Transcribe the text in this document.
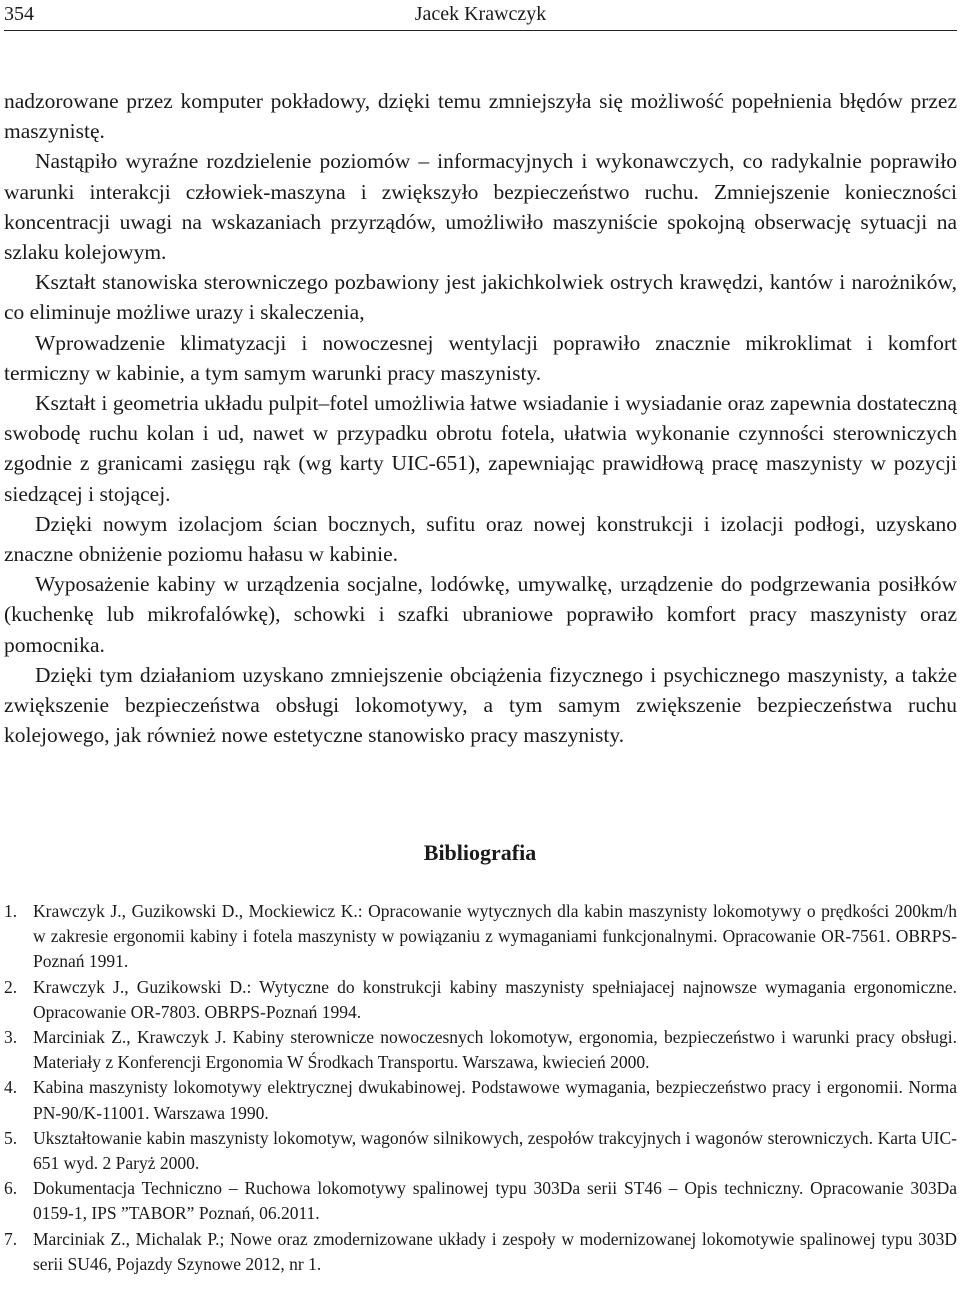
354	Jacek Krawczyk

nadzorowane przez komputer pokładowy, dzięki temu zmniejszyła się możliwość popełnienia błędów przez maszynistę.

Nastąpiło wyraźne rozdzielenie poziomów – informacyjnych i wykonawczych, co radykalnie poprawiło warunki interakcji człowiek-maszyna i zwiększyło bezpieczeństwo ruchu. Zmniejszenie konieczności koncentracji uwagi na wskazaniach przyrządów, umożliwiło maszyniście spokojną obserwację sytuacji na szlaku kolejowym.

Kształt stanowiska sterowniczego pozbawiony jest jakichkolwiek ostrych krawędzi, kantów i narożników, co eliminuje możliwe urazy i skaleczenia,

Wprowadzenie klimatyzacji i nowoczesnej wentylacji poprawiło znacznie mikroklimat i komfort termiczny w kabinie, a tym samym warunki pracy maszynisty.

Kształt i geometria układu pulpit–fotel umożliwia łatwe wsiadanie i wysiadanie oraz zapewnia dostateczną swobodę ruchu kolan i ud, nawet w przypadku obrotu fotela, ułatwia wykonanie czynności sterowniczych zgodnie z granicami zasięgu rąk (wg karty UIC-651), zapewniając prawidłową pracę maszynisty w pozycji siedzącej i stojącej.

Dzięki nowym izolacjom ścian bocznych, sufitu oraz nowej konstrukcji i izolacji podłogi, uzyskano znaczne obniżenie poziomu hałasu w kabinie.

Wyposażenie kabiny w urządzenia socjalne, lodówkę, umywalkę, urządzenie do podgrzewania posiłków (kuchenkę lub mikrofalówkę), schowki i szafki ubraniowe poprawiło komfort pracy maszynisty oraz pomocnika.

Dzięki tym działaniom uzyskano zmniejszenie obciążenia fizycznego i psychicznego maszynisty, a także zwiększenie bezpieczeństwa obsługi lokomotywy, a tym samym zwiększenie bezpieczeństwa ruchu kolejowego, jak również nowe estetyczne stanowisko pracy maszynisty.

Bibliografia
1. Krawczyk J., Guzikowski D., Mockiewicz K.: Opracowanie wytycznych dla kabin maszynisty lokomotywy o prędkości 200km/h w zakresie ergonomii kabiny i fotela maszynisty w powiązaniu z wymaganiami funkcjonalnymi. Opracowanie OR-7561. OBRPS-Poznań 1991.
2. Krawczyk J., Guzikowski D.: Wytyczne do konstrukcji kabiny maszynisty spełniajacej najnowsze wymagania ergonomiczne. Opracowanie OR-7803. OBRPS-Poznań 1994.
3. Marciniak Z., Krawczyk J. Kabiny sterownicze nowoczesnych lokomotyw, ergonomia, bezpieczeństwo i warunki pracy obsługi. Materiały z Konferencji Ergonomia W Środkach Transportu. Warszawa, kwiecień 2000.
4. Kabina maszynisty lokomotywy elektrycznej dwukabinowej. Podstawowe wymagania, bezpieczeństwo pracy i ergonomii. Norma PN-90/K-11001. Warszawa 1990.
5. Ukształtowanie kabin maszynisty lokomotyw, wagonów silnikowych, zespołów trakcyjnych i wagonów sterowniczych. Karta UIC-651 wyd. 2 Paryż 2000.
6. Dokumentacja Techniczno – Ruchowa lokomotywy spalinowej typu 303Da serii ST46 – Opis techniczny. Opracowanie 303Da 0159-1, IPS ”TABOR” Poznań, 06.2011.
7. Marciniak Z., Michalak P.; Nowe oraz zmodernizowane układy i zespoły w modernizowanej lokomotywie spalinowej typu 303D serii SU46, Pojazdy Szynowe 2012, nr 1.
